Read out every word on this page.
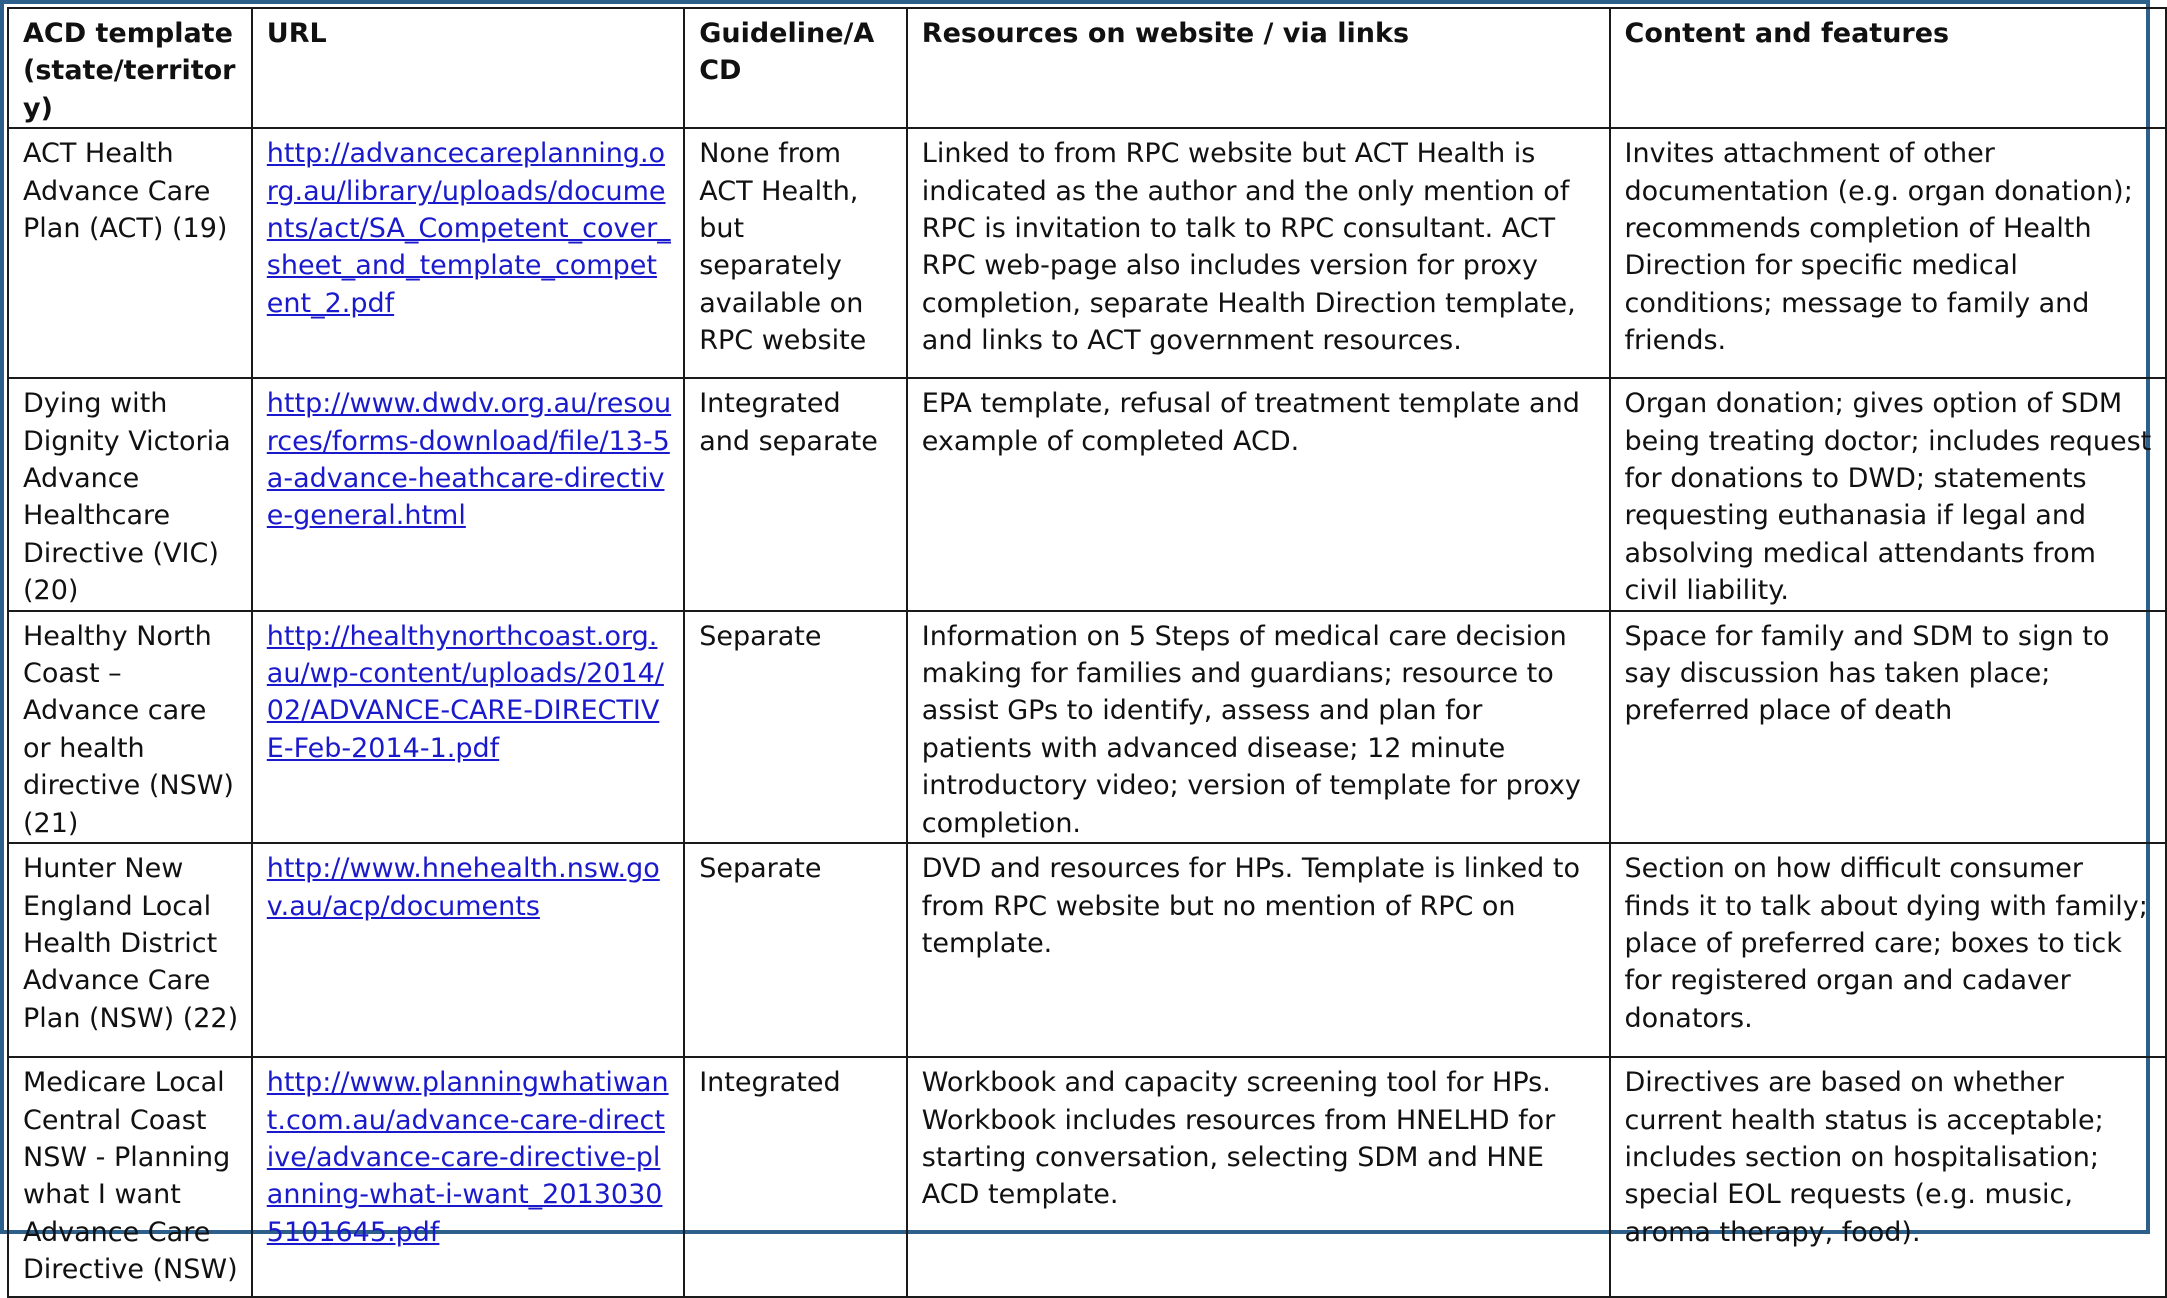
ACD template (state/territory)	URL	Guideline/ACD	Resources on website / via links	Content and features
ACT Health Advance Care Plan (ACT) (19)	http://advancecareplanning.org.au/library/uploads/documents/act/SA_Competent_cover_sheet_and_template_competent_2.pdf	None from ACT Health, but separately available on RPC website	Linked to from RPC website but ACT Health is indicated as the author and the only mention of RPC is invitation to talk to RPC consultant. ACT RPC web-page also includes version for proxy completion, separate Health Direction template, and links to ACT government resources.	Invites attachment of other documentation (e.g. organ donation); recommends completion of Health Direction for specific medical conditions; message to family and friends.
Dying with Dignity Victoria Advance Healthcare Directive (VIC) (20)	http://www.dwdv.org.au/resources/forms-download/file/13-5a-advance-heathcare-directive-general.html	Integrated and separate	EPA template, refusal of treatment template and example of completed ACD.	Organ donation; gives option of SDM being treating doctor; includes request for donations to DWD; statements requesting euthanasia if legal and absolving medical attendants from civil liability.
Healthy North Coast – Advance care or health directive (NSW) (21)	http://healthynorthcoast.org.au/wp-content/uploads/2014/02/ADVANCE-CARE-DIRECTIVE-Feb-2014-1.pdf	Separate	Information on 5 Steps of medical care decision making for families and guardians; resource to assist GPs to identify, assess and plan for patients with advanced disease; 12 minute introductory video; version of template for proxy completion.	Space for family and SDM to sign to say discussion has taken place; preferred place of death
Hunter New England Local Health District Advance Care Plan (NSW) (22)	http://www.hnehealth.nsw.gov.au/acp/documents	Separate	DVD and resources for HPs. Template is linked to from RPC website but no mention of RPC on template.	Section on how difficult consumer finds it to talk about dying with family; place of preferred care; boxes to tick for registered organ and cadaver donators.
Medicare Local Central Coast NSW - Planning what I want Advance Care Directive (NSW)	http://www.planningwhatiwant.com.au/advance-care-directive/advance-care-directive-planning-what-i-want_20130305101645.pdf	Integrated	Workbook and capacity screening tool for HPs. Workbook includes resources from HNELHD for starting conversation, selecting SDM and HNE ACD template.	Directives are based on whether current health status is acceptable; includes section on hospitalisation; special EOL requests (e.g. music, aroma therapy, food).
